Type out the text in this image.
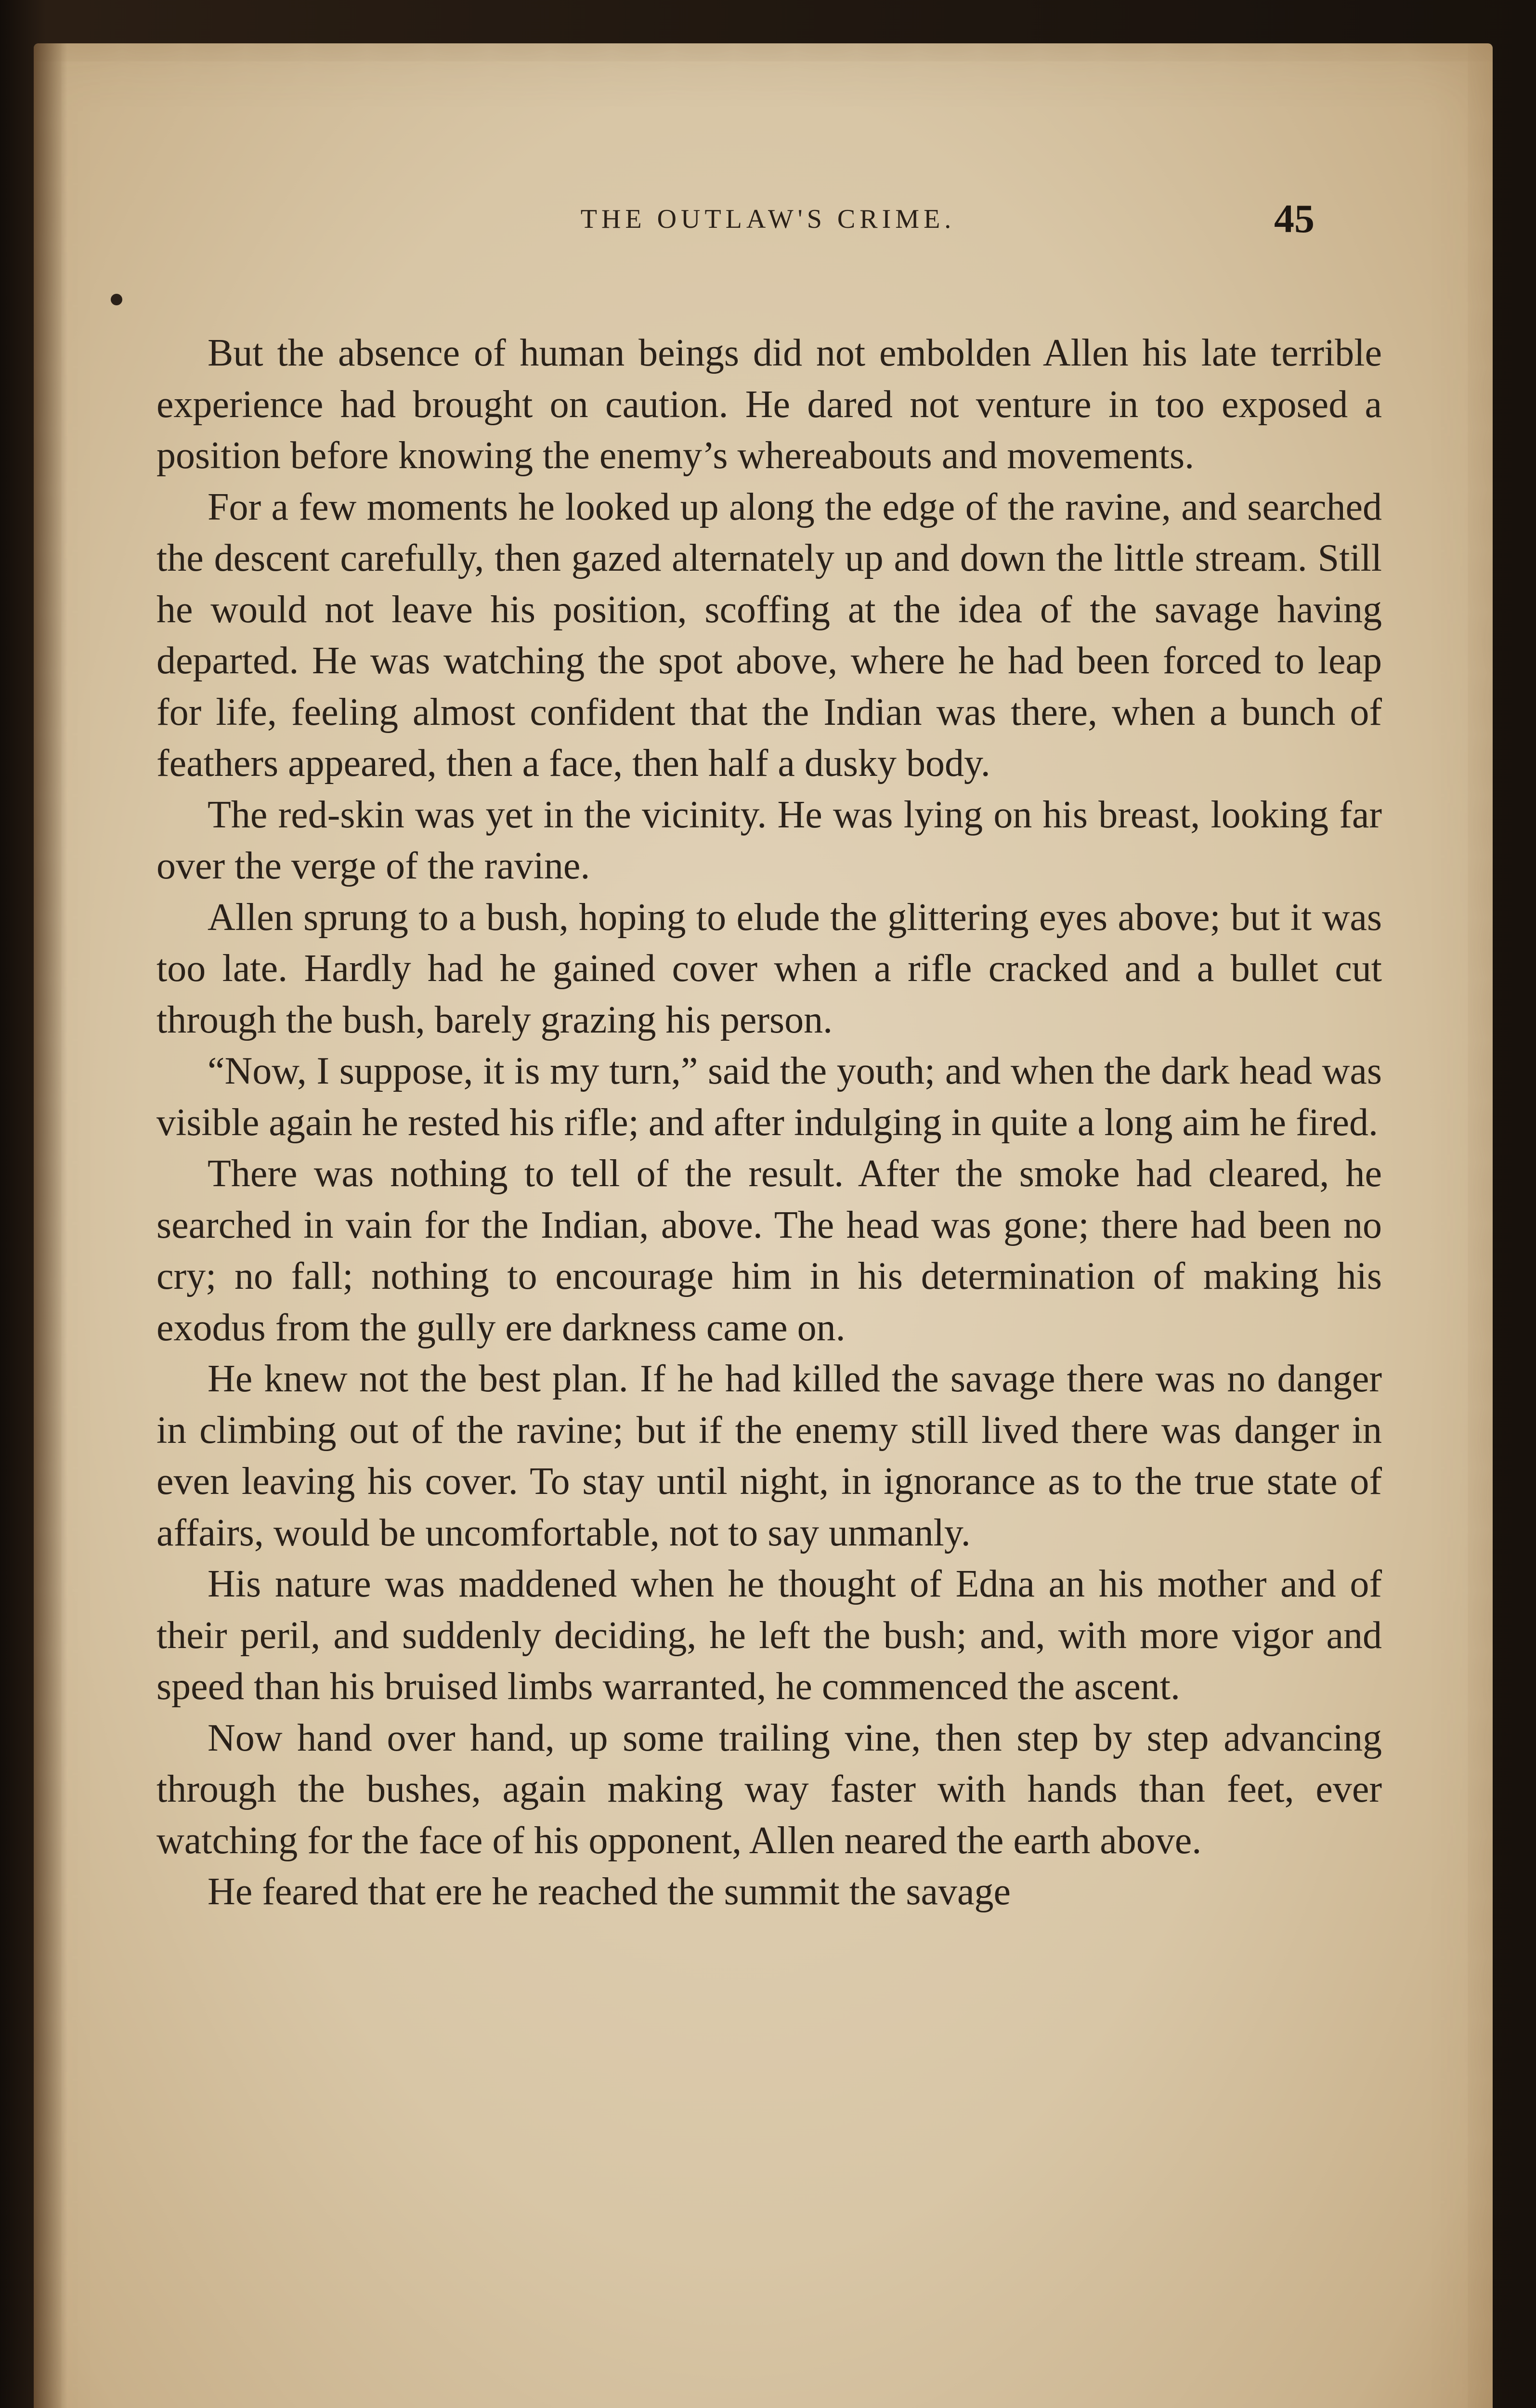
THE OUTLAW'S CRIME.	45

But the absence of human beings did not embolden Allen his late terrible experience had brought on caution. He dared not venture in too exposed a position before knowing the enemy’s whereabouts and movements.

For a few moments he looked up along the edge of the ravine, and searched the descent carefully, then gazed alternately up and down the little stream. Still he would not leave his position, scoffing at the idea of the savage having departed. He was watching the spot above, where he had been forced to leap for life, feeling almost confident that the Indian was there, when a bunch of feathers appeared, then a face, then half a dusky body.

The red-skin was yet in the vicinity. He was lying on his breast, looking far over the verge of the ravine.

Allen sprung to a bush, hoping to elude the glittering eyes above; but it was too late. Hardly had he gained cover when a rifle cracked and a bullet cut through the bush, barely grazing his person.

“Now, I suppose, it is my turn,” said the youth; and when the dark head was visible again he rested his rifle; and after indulging in quite a long aim he fired.

There was nothing to tell of the result. After the smoke had cleared, he searched in vain for the Indian, above. The head was gone; there had been no cry; no fall; nothing to encourage him in his determination of making his exodus from the gully ere darkness came on.

He knew not the best plan. If he had killed the savage there was no danger in climbing out of the ravine; but if the enemy still lived there was danger in even leaving his cover. To stay until night, in ignorance as to the true state of affairs, would be uncomfortable, not to say unmanly.

His nature was maddened when he thought of Edna an his mother and of their peril, and suddenly deciding, he left the bush; and, with more vigor and speed than his bruised limbs warranted, he commenced the ascent.

Now hand over hand, up some trailing vine, then step by step advancing through the bushes, again making way faster with hands than feet, ever watching for the face of his opponent, Allen neared the earth above.

He feared that ere he reached the summit the savage
